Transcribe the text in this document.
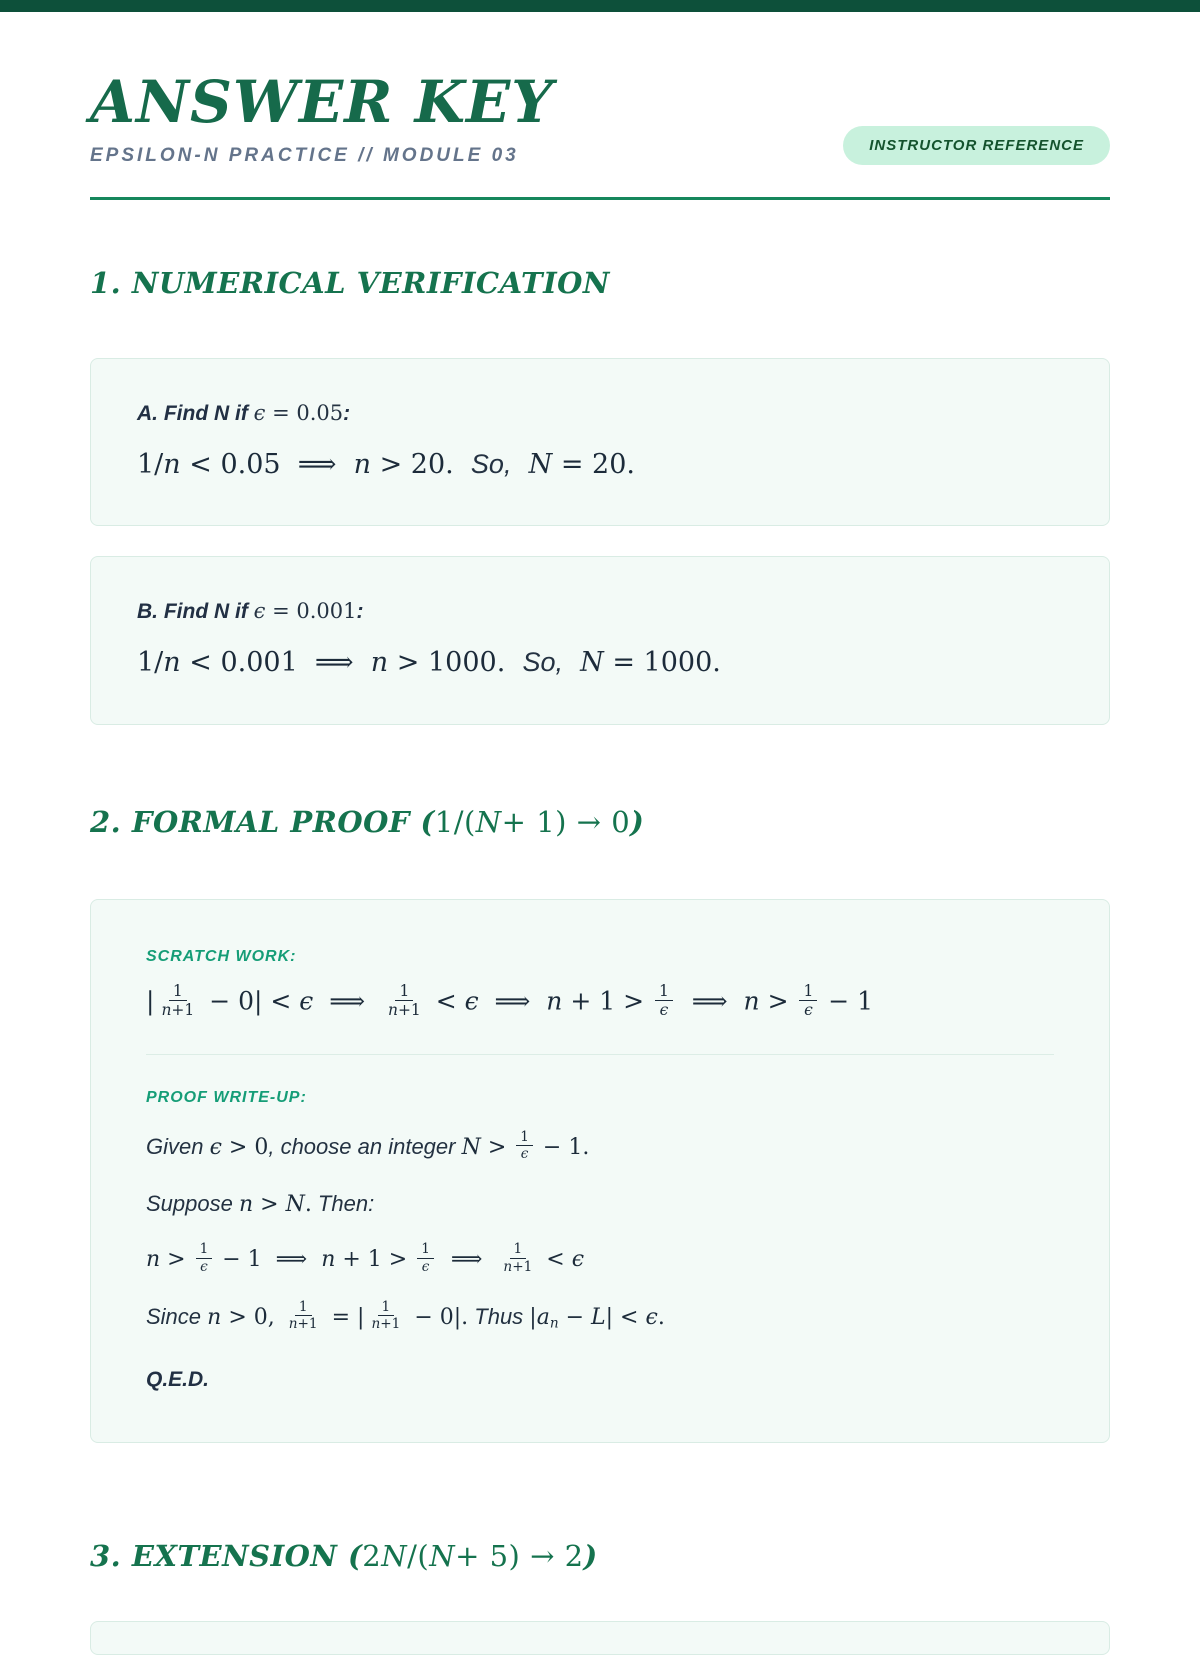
ANSWER KEY
EPSILON-N PRACTICE // MODULE 03	INSTRUCTOR REFERENCE
1. NUMERICAL VERIFICATION
A. Find N if ϵ = 0.05:
1/n < 0.05  ⟹  n > 20.  So, N = 20.
B. Find N if ϵ = 0.001:
1/n < 0.001  ⟹  n > 1000.  So, N = 1000.
2. FORMAL PROOF (1/(N+ 1) → 0)
SCRATCH WORK:
| $\frac{1}{n+1} - 0| < \epsilon$  ⟹ $\frac{1}{n+1} < \epsilon$  ⟹  $n + 1 > \frac{1}{\epsilon}$ ⟹  $n > \frac{1}{\epsilon} - 1$
PROOF WRITE-UP:
Given ϵ > 0, choose an integer $N > \frac{1}{\epsilon} - 1$.
Suppose n > N. Then:
$n > \frac{1}{\epsilon} - 1$  ⟹  $n + 1 > \frac{1}{\epsilon}$ ⟹ $\frac{1}{n+1} < \epsilon$
Since n > 0, $\frac{1}{n+1}$ = | $\frac{1}{n+1} - 0|$. Thus |an − L| < ϵ.
Q.E.D.
3. EXTENSION (2N/(N+ 5) → 2)
